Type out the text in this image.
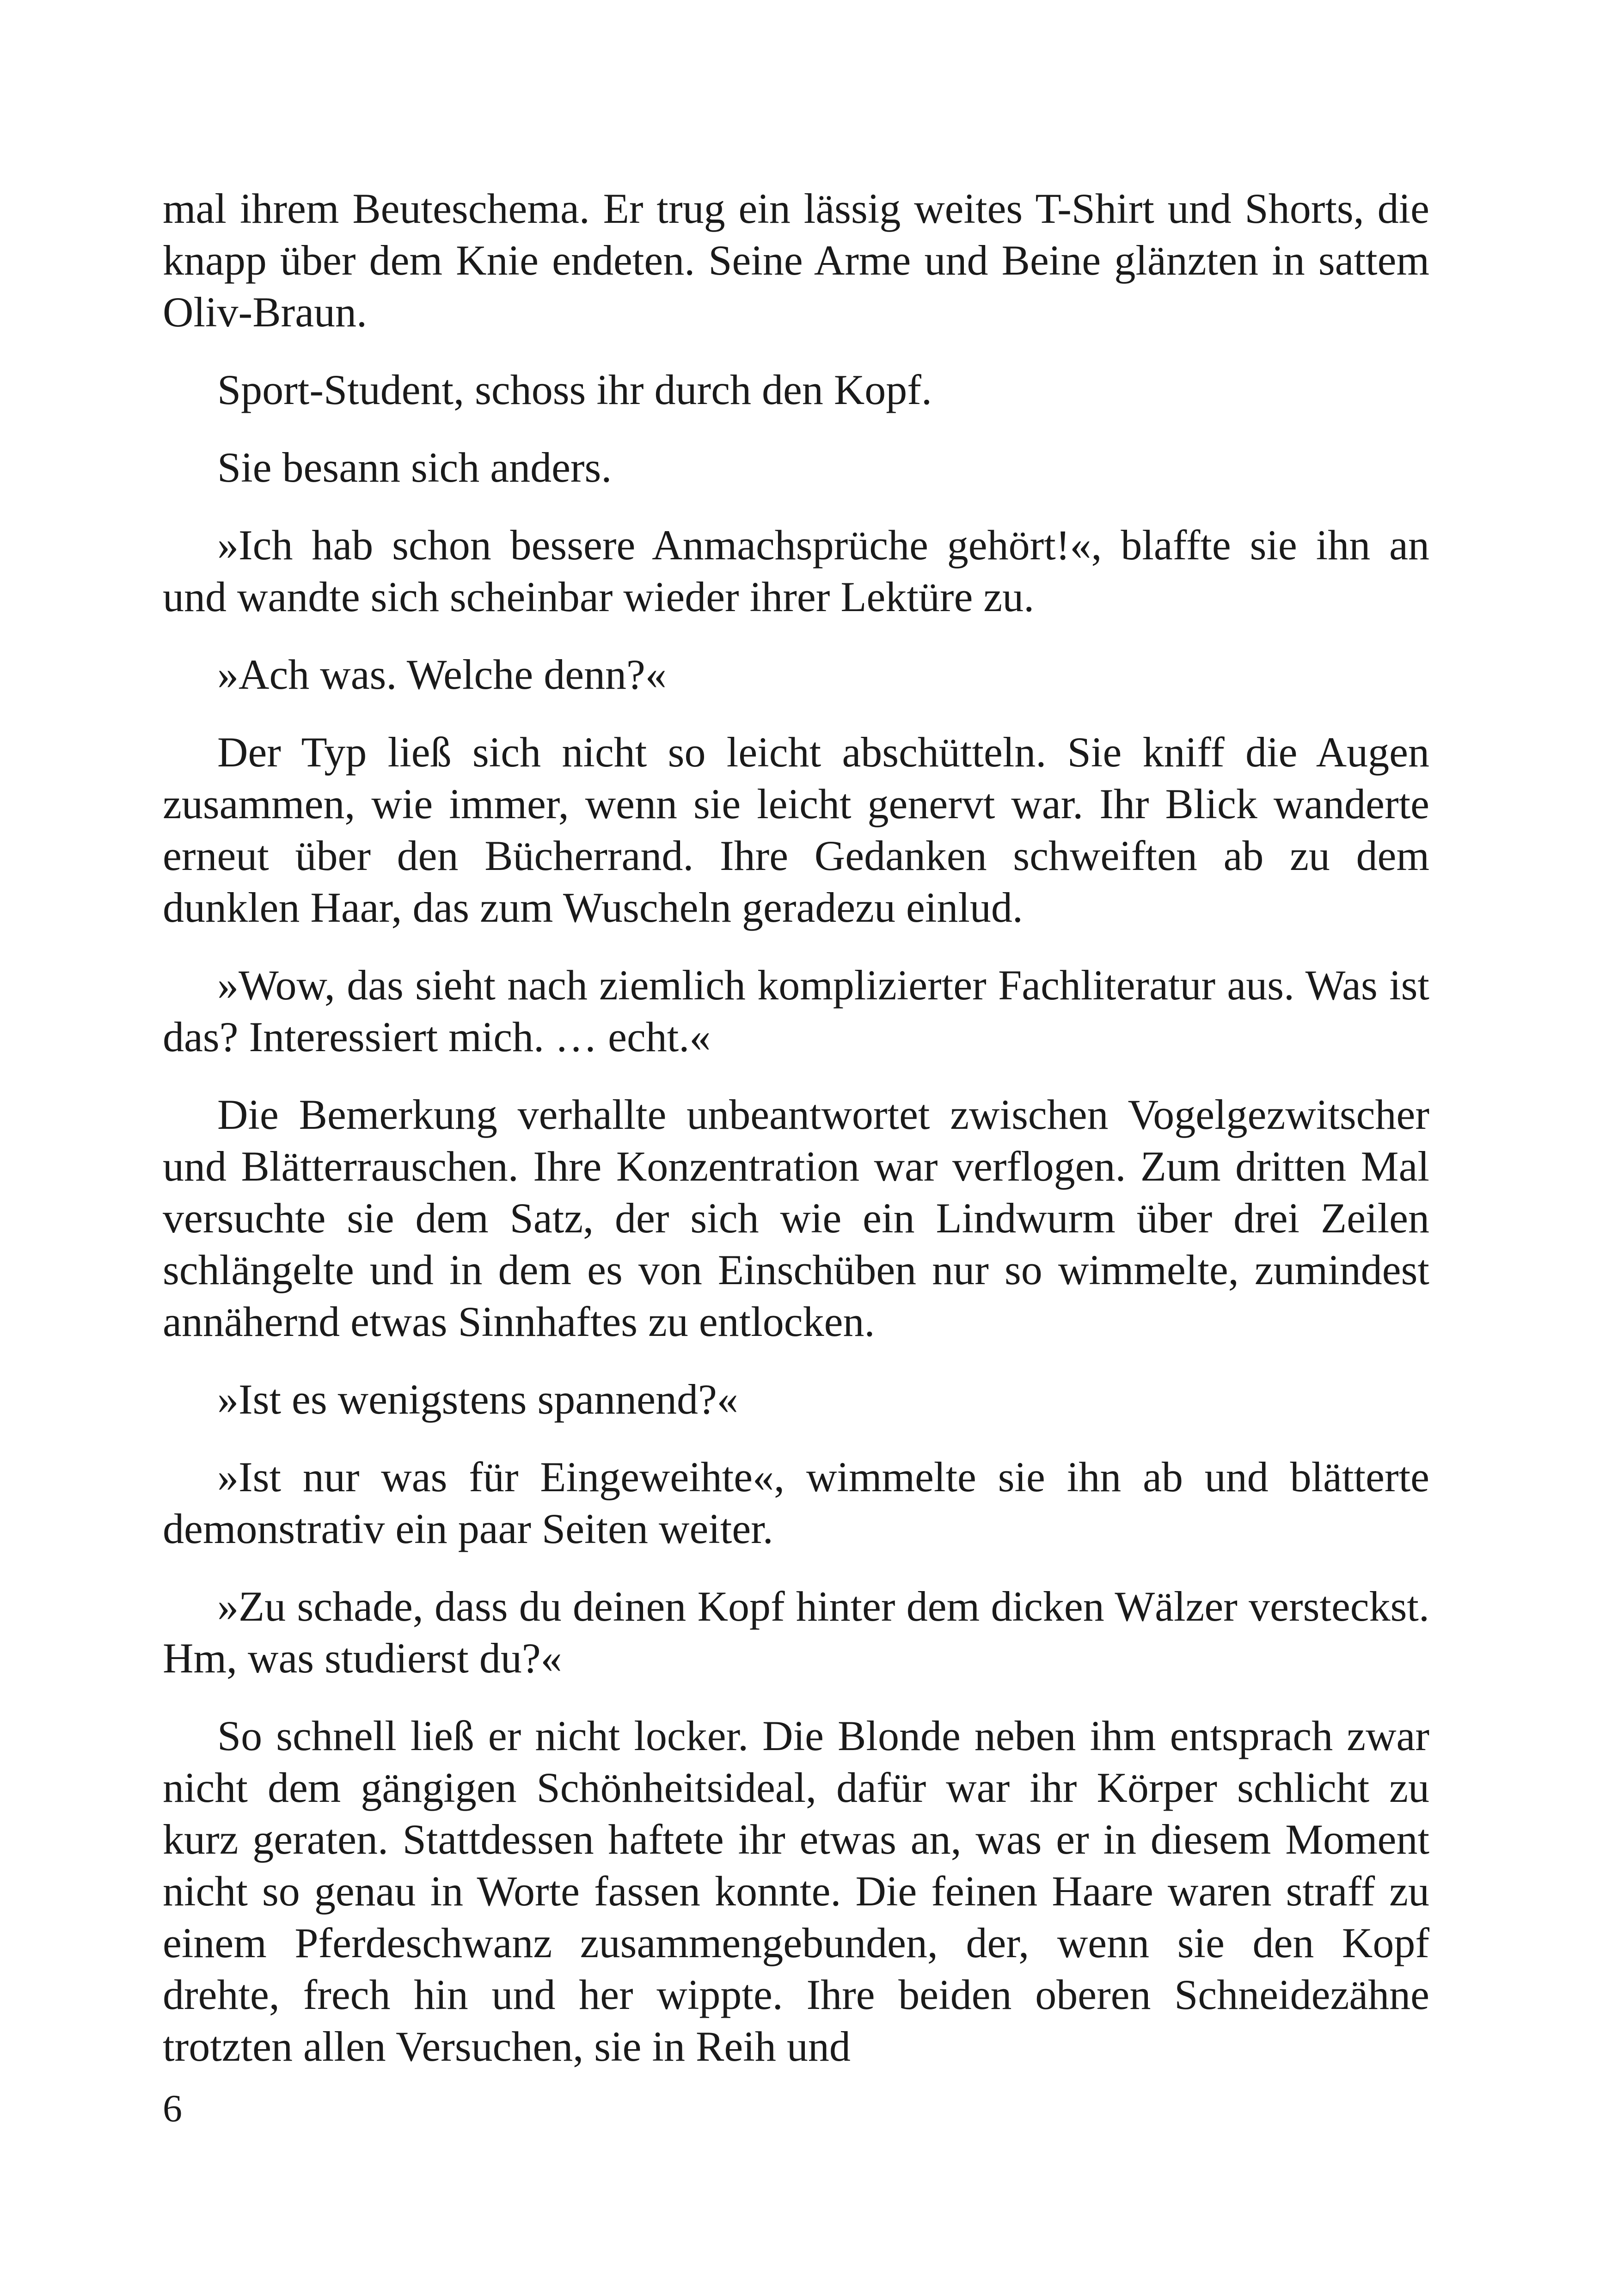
mal ihrem Beuteschema. Er trug ein lässig weites T-Shirt und Shorts, die knapp über dem Knie endeten. Seine Arme und Beine glänzten in sattem Oliv-Braun.

Sport-Student, schoss ihr durch den Kopf.

Sie besann sich anders.

»Ich hab schon bessere Anmachsprüche gehört!«, blaffte sie ihn an und wandte sich scheinbar wieder ihrer Lektüre zu.

»Ach was. Welche denn?«

Der Typ ließ sich nicht so leicht abschütteln. Sie kniff die Augen zusammen, wie immer, wenn sie leicht genervt war. Ihr Blick wanderte erneut über den Bücherrand. Ihre Gedanken schweiften ab zu dem dunklen Haar, das zum Wuscheln geradezu einlud.

»Wow, das sieht nach ziemlich komplizierter Fachliteratur aus. Was ist das? Interessiert mich. … echt.«

Die Bemerkung verhallte unbeantwortet zwischen Vogelgezwitscher und Blätterrauschen. Ihre Konzentration war verflogen. Zum dritten Mal versuchte sie dem Satz, der sich wie ein Lindwurm über drei Zeilen schlängelte und in dem es von Einschüben nur so wimmelte, zumindest annähernd etwas Sinnhaftes zu entlocken.

»Ist es wenigstens spannend?«

»Ist nur was für Eingeweihte«, wimmelte sie ihn ab und blätterte demonstrativ ein paar Seiten weiter.

»Zu schade, dass du deinen Kopf hinter dem dicken Wälzer versteckst. Hm, was studierst du?«

So schnell ließ er nicht locker. Die Blonde neben ihm entsprach zwar nicht dem gängigen Schönheitsideal, dafür war ihr Körper schlicht zu kurz geraten. Stattdessen haftete ihr etwas an, was er in diesem Moment nicht so genau in Worte fassen konnte. Die feinen Haare waren straff zu einem Pferdeschwanz zusammengebunden, der, wenn sie den Kopf drehte, frech hin und her wippte. Ihre beiden oberen Schneidezähne trotzten allen Versuchen, sie in Reih und

6
